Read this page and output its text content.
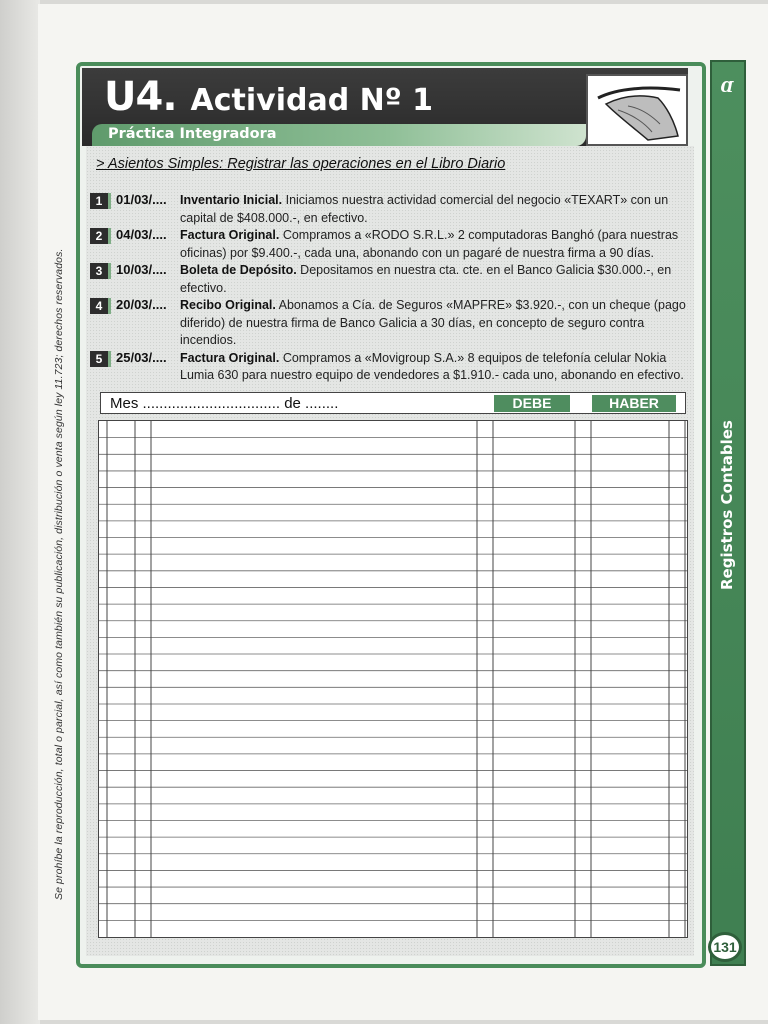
Se prohíbe la reproducción, total o parcial, así como también su publicación, distribución o venta según ley 11.723; derechos reservados.
U4. Actividad Nº 1
Práctica Integradora
> Asientos Simples: Registrar las operaciones en el Libro Diario
1	01/03/.... Inventario Inicial. Iniciamos nuestra actividad comercial del negocio «TEXART» con un capital de $408.000.-, en efectivo.
2	04/03/.... Factura Original. Compramos a «RODO S.R.L.» 2 computadoras Banghó (para nuestras oficinas) por $9.400.-, cada una, abonando con un pagaré de nuestra firma a 90 días.
3	10/03/.... Boleta de Depósito. Depositamos en nuestra cta. cte. en el Banco Galicia $30.000.-, en efectivo.
4	20/03/.... Recibo Original. Abonamos a Cía. de Seguros «MAPFRE» $3.920.-, con un cheque (pago diferido) de nuestra firma de Banco Galicia a 30 días, en concepto de seguro contra incendios.
5	25/03/.... Factura Original. Compramos a «Movigroup S.A.» 8 equipos de telefonía celular Nokia Lumia 630 para nuestro equipo de vendedores a $1.910.- cada uno, abonando en efectivo.
Mes ................................. de ........	DEBE	HABER
Ɑ
Registros Contables
131
